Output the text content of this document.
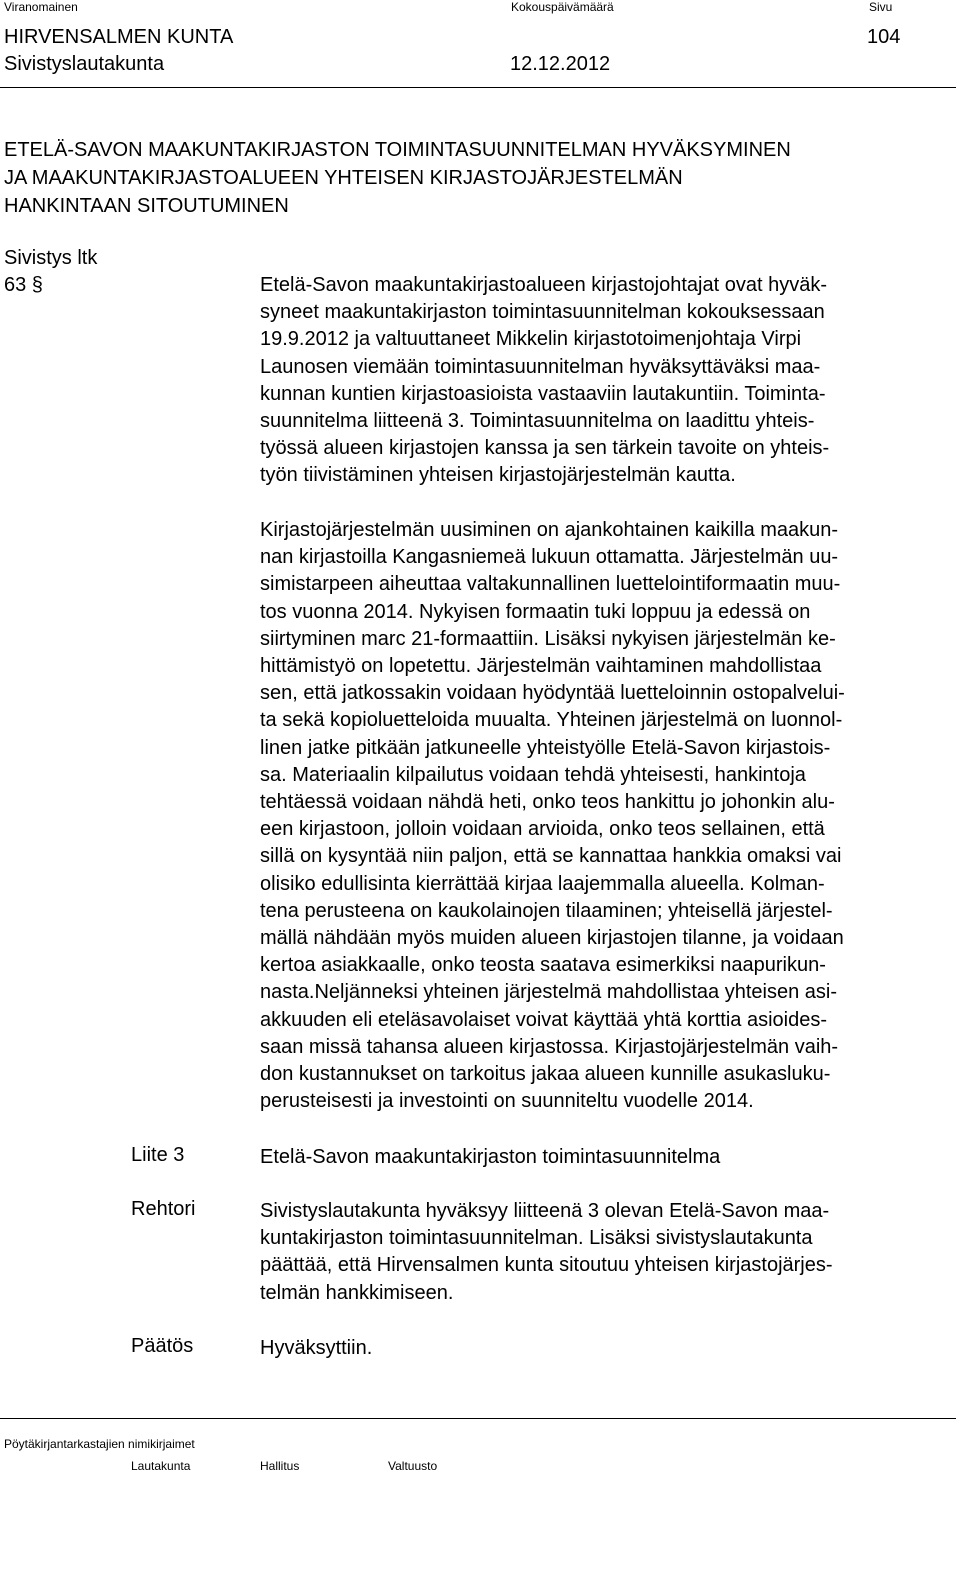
Viranomainen	Kokouspäivämäärä	Sivu
HIRVENSALMEN KUNTA	104
Sivistyslautakunta	12.12.2012
ETELÄ-SAVON MAAKUNTAKIRJASTON TOIMINTASUUNNITELMAN HYVÄKSYMINEN
JA MAAKUNTAKIRJASTOALUEEN YHTEISEN KIRJASTOJÄRJESTELMÄN
HANKINTAAN SITOUTUMINEN
Sivistys ltk
63 §	Etelä-Savon maakuntakirjastoalueen kirjastojohtajat ovat hyväk-
syneet maakuntakirjaston toimintasuunnitelman kokouksessaan
19.9.2012 ja valtuuttaneet Mikkelin kirjastotoimenjohtaja Virpi
Launosen viemään toimintasuunnitelman hyväksyttäväksi maa-
kunnan kuntien kirjastoasioista vastaaviin lautakuntiin. Toiminta-
suunnitelma liitteenä 3. Toimintasuunnitelma on laadittu yhteis-
työssä alueen kirjastojen kanssa ja sen tärkein tavoite on yhteis-
työn tiivistäminen yhteisen kirjastojärjestelmän kautta.
Kirjastojärjestelmän uusiminen on ajankohtainen kaikilla maakun-
nan kirjastoilla Kangasniemeä lukuun ottamatta. Järjestelmän uu-
simistarpeen aiheuttaa valtakunnallinen luettelointiformaatin muu-
tos vuonna 2014. Nykyisen formaatin tuki loppuu ja edessä on
siirtyminen marc 21-formaattiin. Lisäksi nykyisen järjestelmän ke-
hittämistyö on lopetettu. Järjestelmän vaihtaminen mahdollistaa
sen, että jatkossakin voidaan hyödyntää luetteloinnin ostopalvelui-
ta sekä kopioluetteloida muualta. Yhteinen järjestelmä on luonnol-
linen jatke pitkään jatkuneelle yhteistyölle Etelä-Savon kirjastois-
sa. Materiaalin kilpailutus voidaan tehdä yhteisesti, hankintoja
tehtäessä voidaan nähdä heti, onko teos hankittu jo johonkin alu-
een kirjastoon, jolloin voidaan arvioida, onko teos sellainen, että
sillä on kysyntää niin paljon, että se kannattaa hankkia omaksi vai
olisiko edullisinta kierrättää kirjaa laajemmalla alueella. Kolman-
tena perusteena on kaukolainojen tilaaminen; yhteisellä järjestel-
mällä nähdään myös muiden alueen kirjastojen tilanne, ja voidaan
kertoa asiakkaalle, onko teosta saatava esimerkiksi naapurikun-
nasta.Neljänneksi yhteinen järjestelmä mahdollistaa yhteisen asi-
akkuuden eli eteläsavolaiset voivat käyttää yhtä korttia asioides-
saan missä tahansa alueen kirjastossa. Kirjastojärjestelmän vaih-
don kustannukset on tarkoitus jakaa alueen kunnille asukasluku-
perusteisesti ja investointi on suunniteltu vuodelle 2014.
Liite 3	Etelä-Savon maakuntakirjaston toimintasuunnitelma
Rehtori	Sivistyslautakunta hyväksyy liitteenä 3 olevan Etelä-Savon maa-
kuntakirjaston toimintasuunnitelman. Lisäksi sivistyslautakunta
päättää, että Hirvensalmen kunta sitoutuu yhteisen kirjastojärjes-
telmän hankkimiseen.
Päätös	Hyväksyttiin.
Pöytäkirjantarkastajien nimikirjaimet
Lautakunta	Hallitus	Valtuusto
